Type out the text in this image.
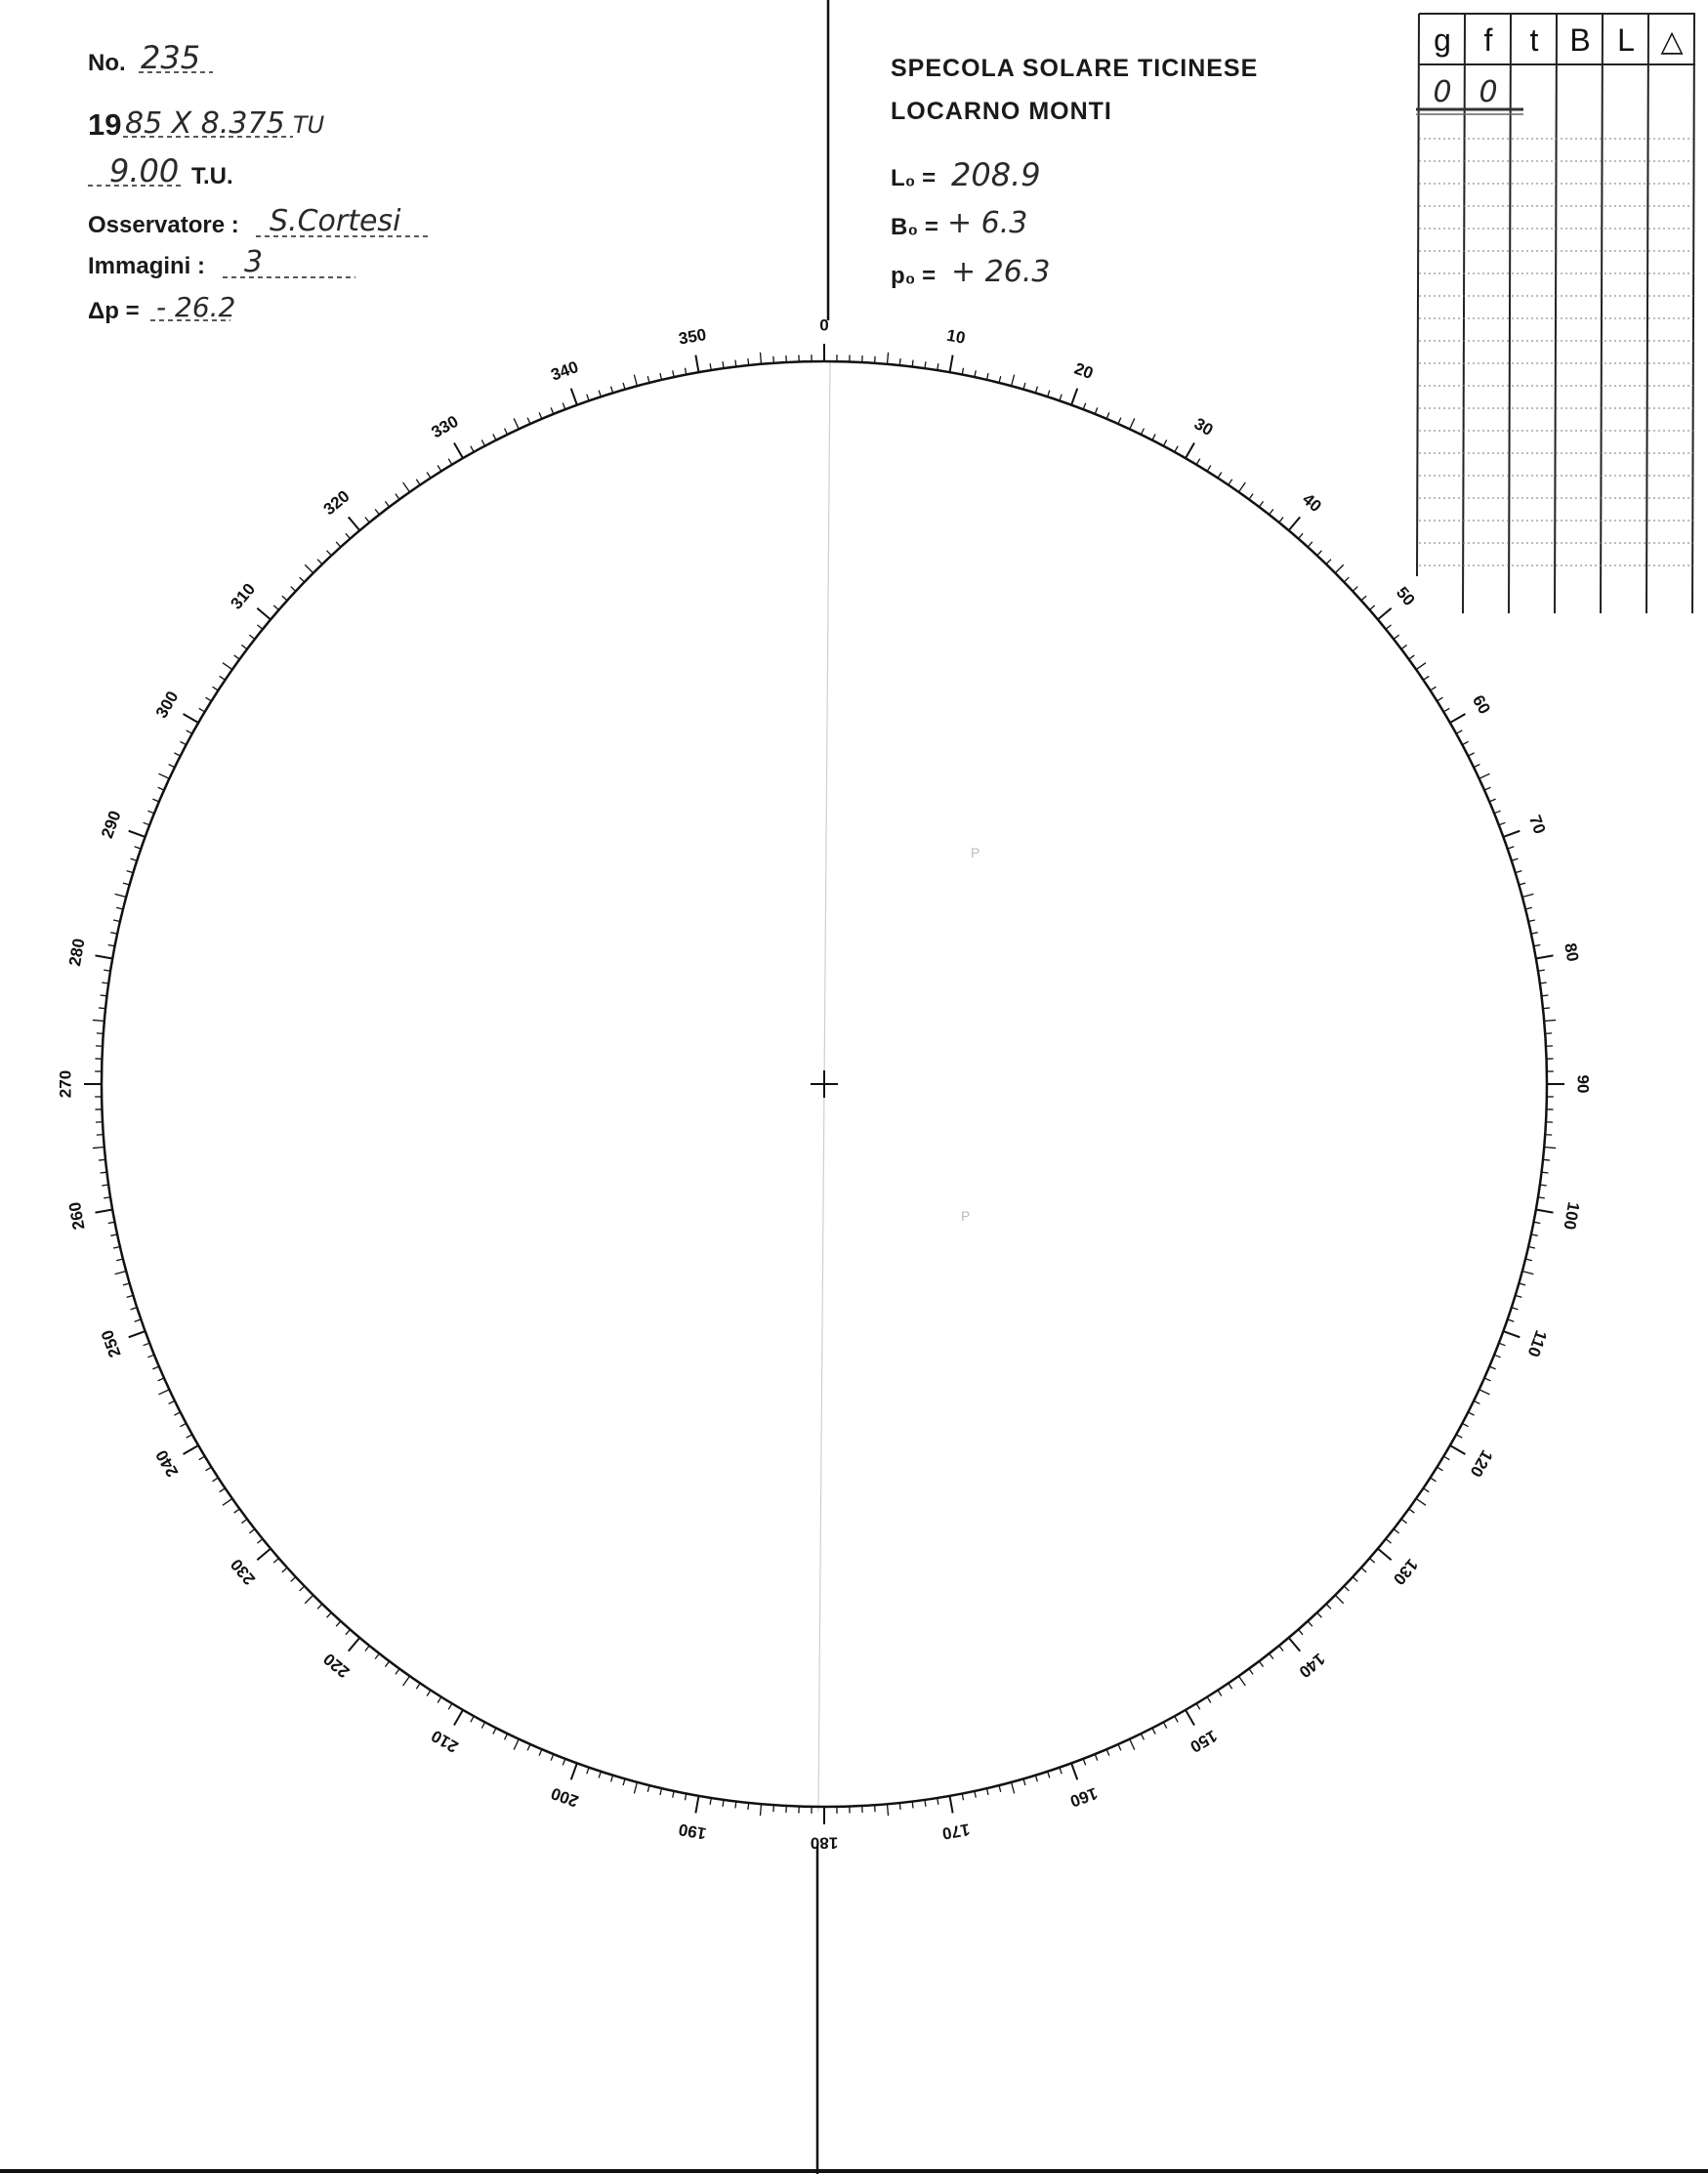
0
10
20
30
40
50
60
70
80
90
100
110
120
130
140
150
160
170
180
190
200
210
220
230
240
250
260
270
280
290
300
310
320
330
340
350
P
P
No. 235
19 85 X 8.375 TU
9.00 T.U.
Osservatore : S.Cortesi
Immagini : 3
Δp = - 26.2
SPECOLA SOLARE TICINESE
LOCARNO MONTI
L₀ = 208.9
B₀ = + 6.3
p₀ = + 26.3
g f t B L △
0 0
